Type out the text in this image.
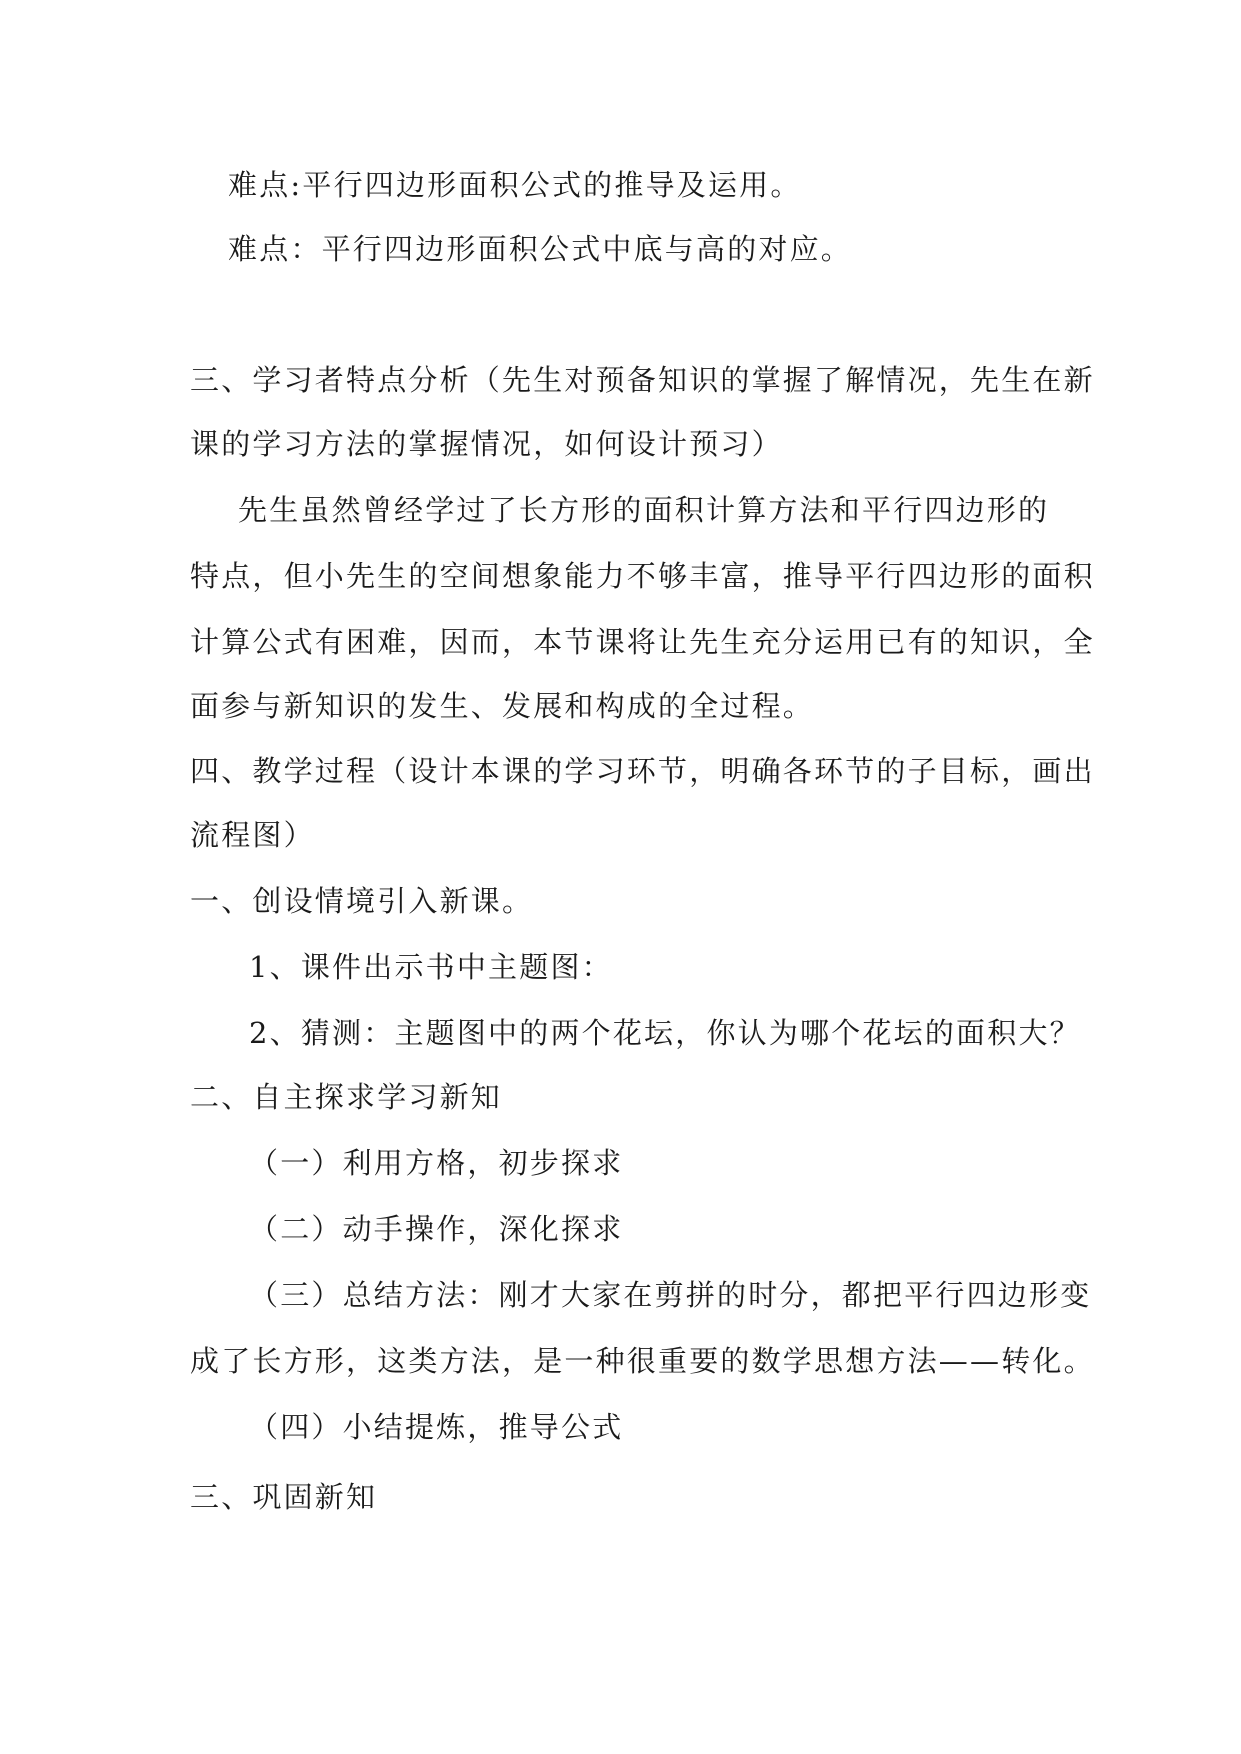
难点:平行四边形面积公式的推导及运用。
难点：平行四边形面积公式中底与高的对应。
三、学习者特点分析（先生对预备知识的掌握了解情况，先生在新
课的学习方法的掌握情况，如何设计预习）
先生虽然曾经学过了长方形的面积计算方法和平行四边形的
特点，但小先生的空间想象能力不够丰富，推导平行四边形的面积
计算公式有困难，因而，本节课将让先生充分运用已有的知识，全
面参与新知识的发生、发展和构成的全过程。
四、教学过程（设计本课的学习环节，明确各环节的子目标，画出
流程图）
一、创设情境引入新课。
1、课件出示书中主题图：
2、猜测：主题图中的两个花坛，你认为哪个花坛的面积大？
二、自主探求学习新知
（一）利用方格，初步探求
（二）动手操作，深化探求
（三）总结方法：刚才大家在剪拼的时分，都把平行四边形变
成了长方形，这类方法，是一种很重要的数学思想方法——转化。
（四）小结提炼，推导公式
三、巩固新知
